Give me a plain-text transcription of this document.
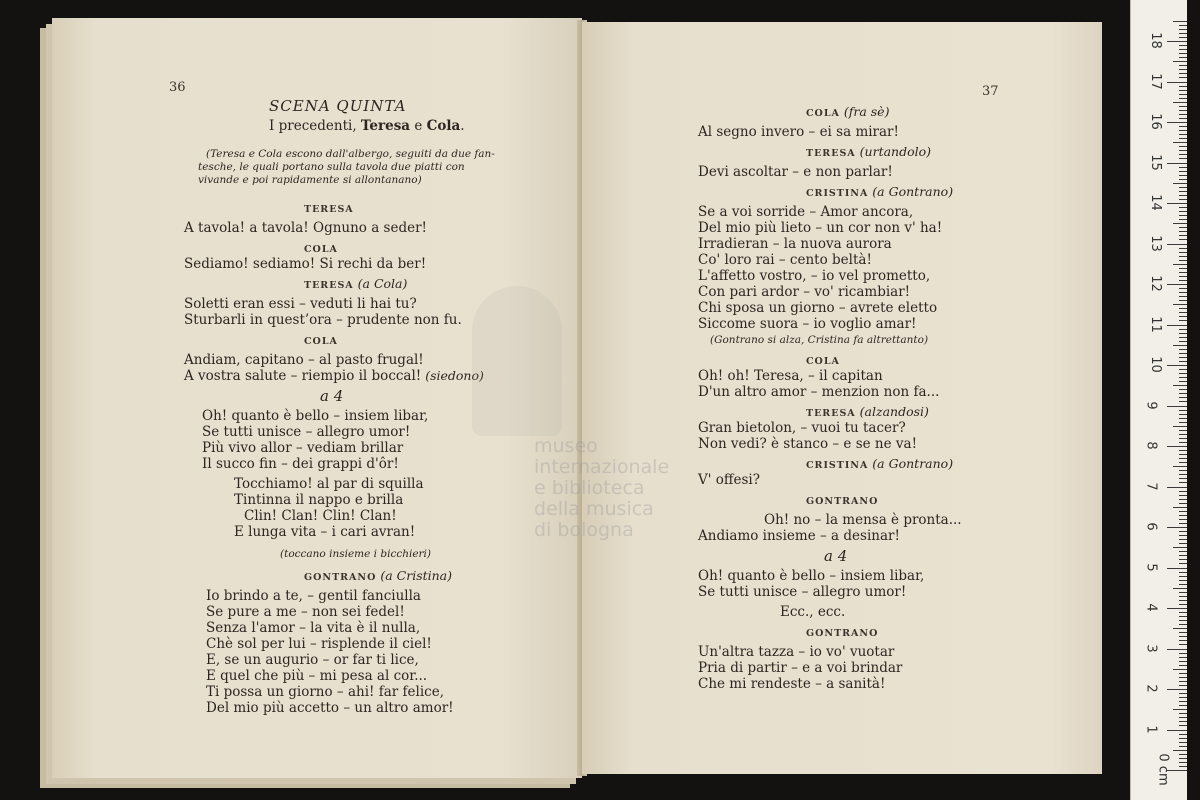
36
SCENA QUINTA
I precedenti, Teresa e Cola.
(Teresa e Cola escono dall'albergo, seguiti da due fan-
tesche, le quali portano sulla tavola due piatti con
vivande e poi rapidamente si allontanano)
TERESA
A tavola! a tavola! Ognuno a seder!
COLA
Sediamo! sediamo! Si rechi da ber!
TERESA (a Cola)
Soletti eran essi – veduti li hai tu?
Sturbarli in quest’ora – prudente non fu.
COLA
Andiam, capitano – al pasto frugal!
A vostra salute – riempio il boccal! (siedono)
a 4
Oh! quanto è bello – insiem libar,
Se tutti unisce – allegro umor!
Più vivo allor – vediam brillar
Il succo fin – dei grappi d'ôr!
Tocchiamo! al par di squilla
Tintinna il nappo e brilla
Clin! Clan! Clin! Clan!
E lunga vita – i cari avran!
(toccano insieme i bicchieri)
GONTRANO (a Cristina)
Io brindo a te, – gentil fanciulla
Se pure a me – non sei fedel!
Senza l'amor – la vita è il nulla,
Chè sol per lui – risplende il ciel!
E, se un augurio – or far ti lice,
E quel che più – mi pesa al cor...
Ti possa un giorno – ahi! far felice,
Del mio più accetto – un altro amor!
37
COLA (fra sè)
Al segno invero – ei sa mirar!
TERESA (urtandolo)
Devi ascoltar – e non parlar!
CRISTINA (a Gontrano)
Se a voi sorride – Amor ancora,
Del mio più lieto – un cor non v' ha!
Irradieran – la nuova aurora
Co' loro rai – cento beltà!
L'affetto vostro, – io vel prometto,
Con pari ardor – vo' ricambiar!
Chi sposa un giorno – avrete eletto
Siccome suora – io voglio amar!
(Gontrano si alza, Cristina fa altrettanto)
COLA
Oh! oh! Teresa, – il capitan
D'un altro amor – menzion non fa...
TERESA (alzandosi)
Gran bietolon, – vuoi tu tacer?
Non vedi? è stanco – e se ne va!
CRISTINA (a Gontrano)
V' offesi?
GONTRANO
Oh! no – la mensa è pronta...
Andiamo insieme – a desinar!
a 4
Oh! quanto è bello – insiem libar,
Se tutti unisce – allegro umor!
Ecc., ecc.
GONTRANO
Un'altra tazza – io vo' vuotar
Pria di partir – e a voi brindar
Che mi rendeste – a sanità!
museo internazionale
e biblioteca della musica
di bologna
0 cm
1
2
3
4
5
6
7
8
9
10
11
12
13
14
15
16
17
18
